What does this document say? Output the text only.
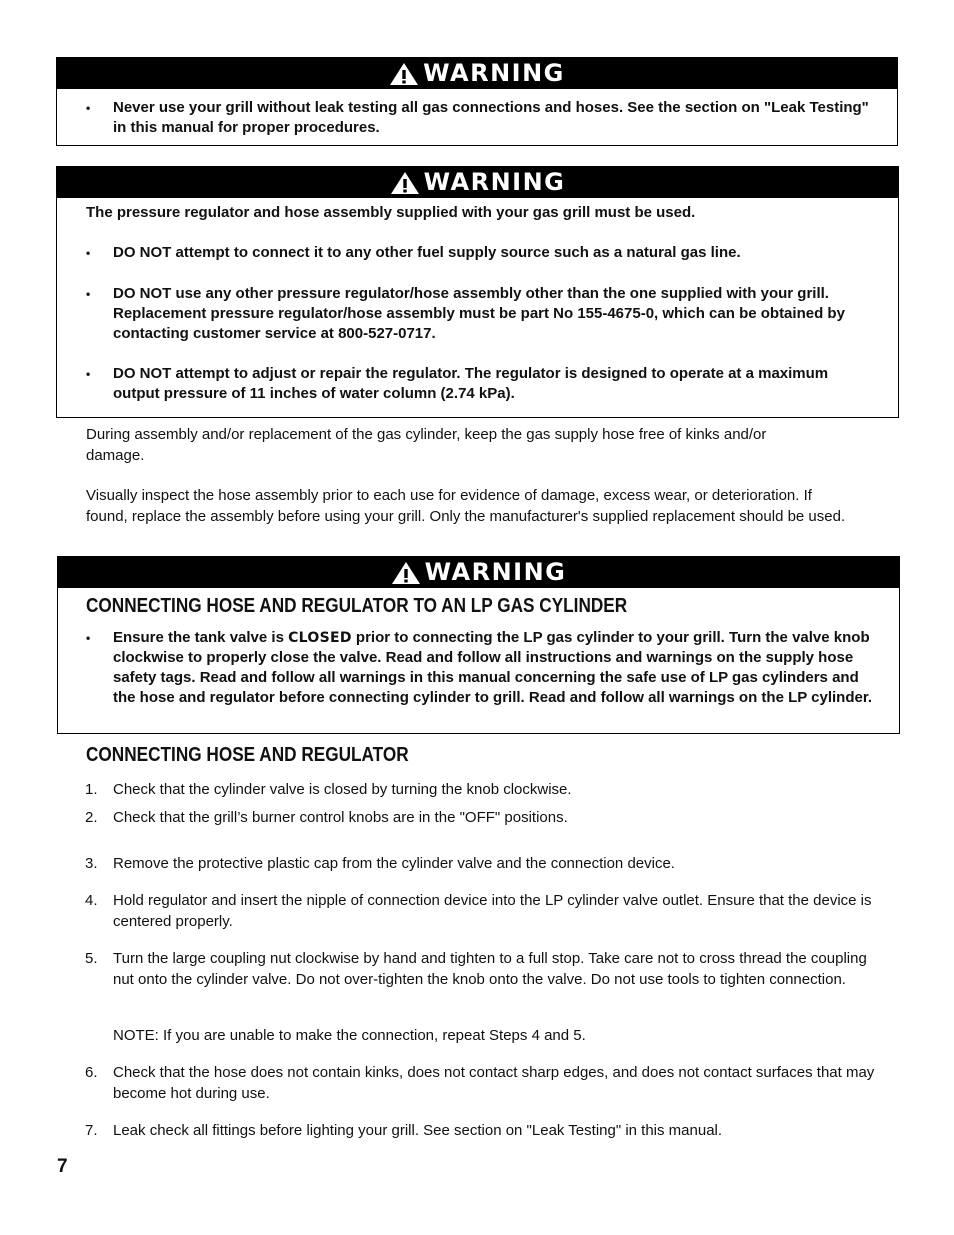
WARNING
• Never use your grill without leak testing all gas connections and hoses. See the section on "Leak Testing" in this manual for proper procedures.
WARNING

The pressure regulator and hose assembly supplied with your gas grill must be used.

• DO NOT attempt to connect it to any other fuel supply source such as a natural gas line.
• DO NOT use any other pressure regulator/hose assembly other than the one supplied with your grill. Replacement pressure regulator/hose assembly must be part No 155-4675-0, which can be obtained by contacting customer service at 800-527-0717.
• DO NOT attempt to adjust or repair the regulator. The regulator is designed to operate at a maximum output pressure of 11 inches of water column (2.74 kPa).

During assembly and/or replacement of the gas cylinder, keep the gas supply hose free of kinks and/or damage.

Visually inspect the hose assembly prior to each use for evidence of damage, excess wear, or deterioration. If found, replace the assembly before using your grill. Only the manufacturer's supplied replacement should be used.

WARNING
CONNECTING HOSE AND REGULATOR TO AN LP GAS CYLINDER
• Ensure the tank valve is CLOSED prior to connecting the LP gas cylinder to your grill. Turn the valve knob clockwise to properly close the valve. Read and follow all instructions and warnings on the supply hose safety tags. Read and follow all warnings in this manual concerning the safe use of LP gas cylinders and the hose and regulator before connecting cylinder to grill. Read and follow all warnings on the LP cylinder.
CONNECTING HOSE AND REGULATOR
1. Check that the cylinder valve is closed by turning the knob clockwise.
2. Check that the grill’s burner control knobs are in the "OFF" positions.
3. Remove the protective plastic cap from the cylinder valve and the connection device.
4. Hold regulator and insert the nipple of connection device into the LP cylinder valve outlet. Ensure that the device is centered properly.
5. Turn the large coupling nut clockwise by hand and tighten to a full stop. Take care not to cross thread the coupling nut onto the cylinder valve. Do not over-tighten the knob onto the valve. Do not use tools to tighten connection.

NOTE: If you are unable to make the connection, repeat Steps 4 and 5.

6. Check that the hose does not contain kinks, does not contact sharp edges, and does not contact surfaces that may become hot during use.
7. Leak check all fittings before lighting your grill. See section on "Leak Testing" in this manual.
7
